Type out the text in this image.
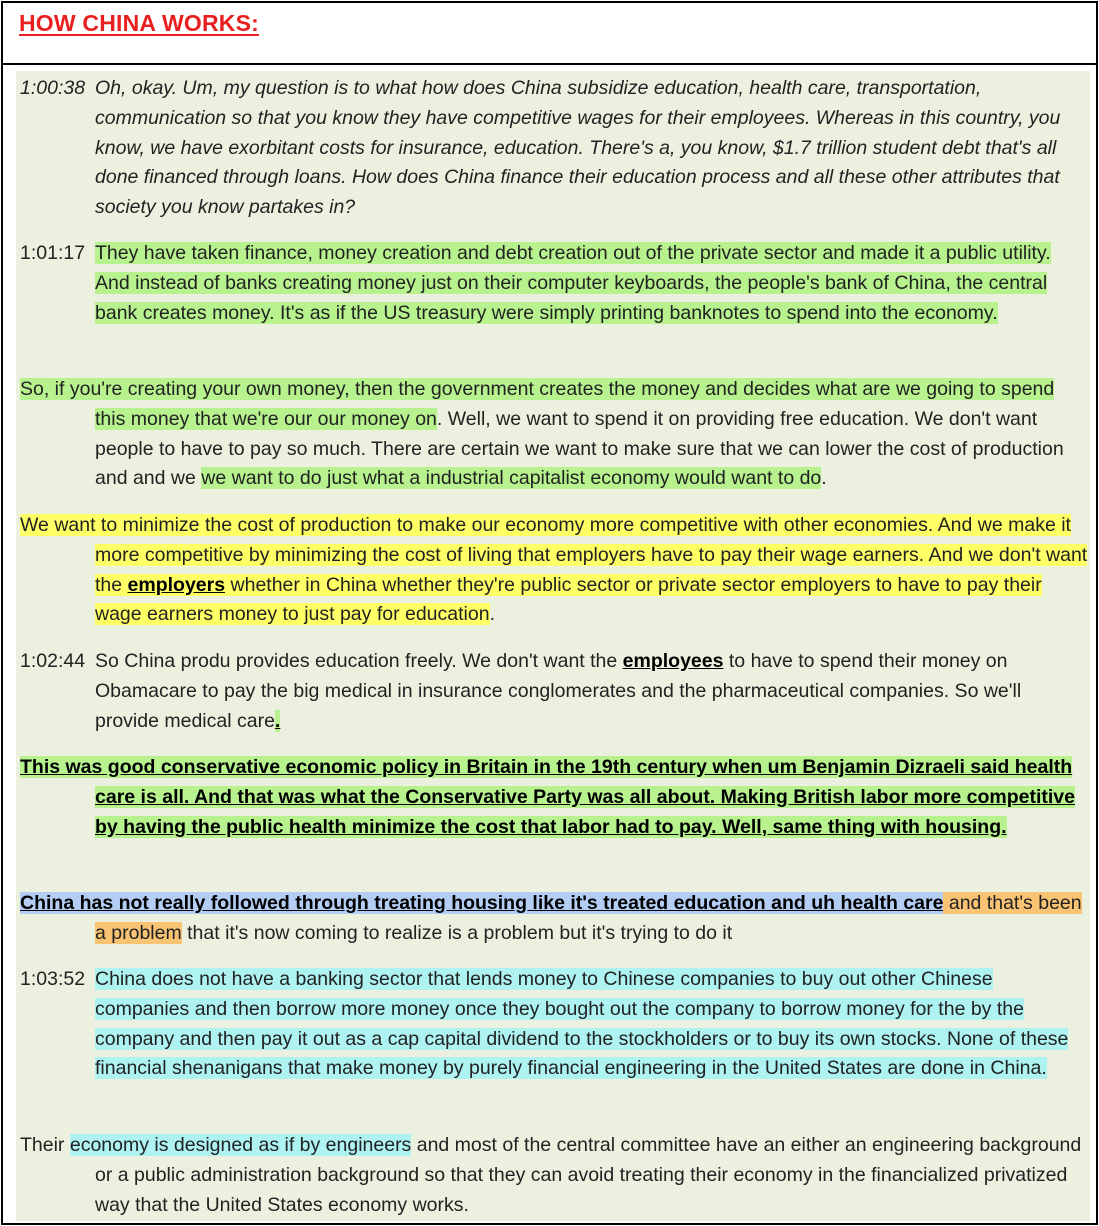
HOW CHINA WORKS:
1:00:38 Oh, okay. Um, my question is to what how does China subsidize education, health care, transportation, communication so that you know they have competitive wages for their employees. Whereas in this country, you know, we have exorbitant costs for insurance, education. There's a, you know, $1.7 trillion student debt that's all done financed through loans. How does China finance their education process and all these other attributes that society you know partakes in?
1:01:17 They have taken finance, money creation and debt creation out of the private sector and made it a public utility. And instead of banks creating money just on their computer keyboards, the people's bank of China, the central bank creates money. It's as if the US treasury were simply printing banknotes to spend into the economy.
So, if you're creating your own money, then the government creates the money and decides what are we going to spend this money that we're our our money on. Well, we want to spend it on providing free education. We don't want people to have to pay so much. There are certain we want to make sure that we can lower the cost of production and and we we want to do just what a industrial capitalist economy would want to do.
We want to minimize the cost of production to make our economy more competitive with other economies. And we make it more competitive by minimizing the cost of living that employers have to pay their wage earners. And we don't want the employers whether in China whether they're public sector or private sector employers to have to pay their wage earners money to just pay for education.
1:02:44 So China produ provides education freely. We don't want the employees to have to spend their money on Obamacare to pay the big medical in insurance conglomerates and the pharmaceutical companies. So we'll provide medical care.
This was good conservative economic policy in Britain in the 19th century when um Benjamin Dizraeli said health care is all. And that was what the Conservative Party was all about. Making British labor more competitive by having the public health minimize the cost that labor had to pay. Well, same thing with housing.
China has not really followed through treating housing like it's treated education and uh health care and that's been a problem that it's now coming to realize is a problem but it's trying to do it
1:03:52 China does not have a banking sector that lends money to Chinese companies to buy out other Chinese companies and then borrow more money once they bought out the company to borrow money for the by the company and then pay it out as a cap capital dividend to the stockholders or to buy its own stocks. None of these financial shenanigans that make money by purely financial engineering in the United States are done in China.
Their economy is designed as if by engineers and most of the central committee have an either an engineering background or a public administration background so that they can avoid treating their economy in the financialized privatized way that the United States economy works.
